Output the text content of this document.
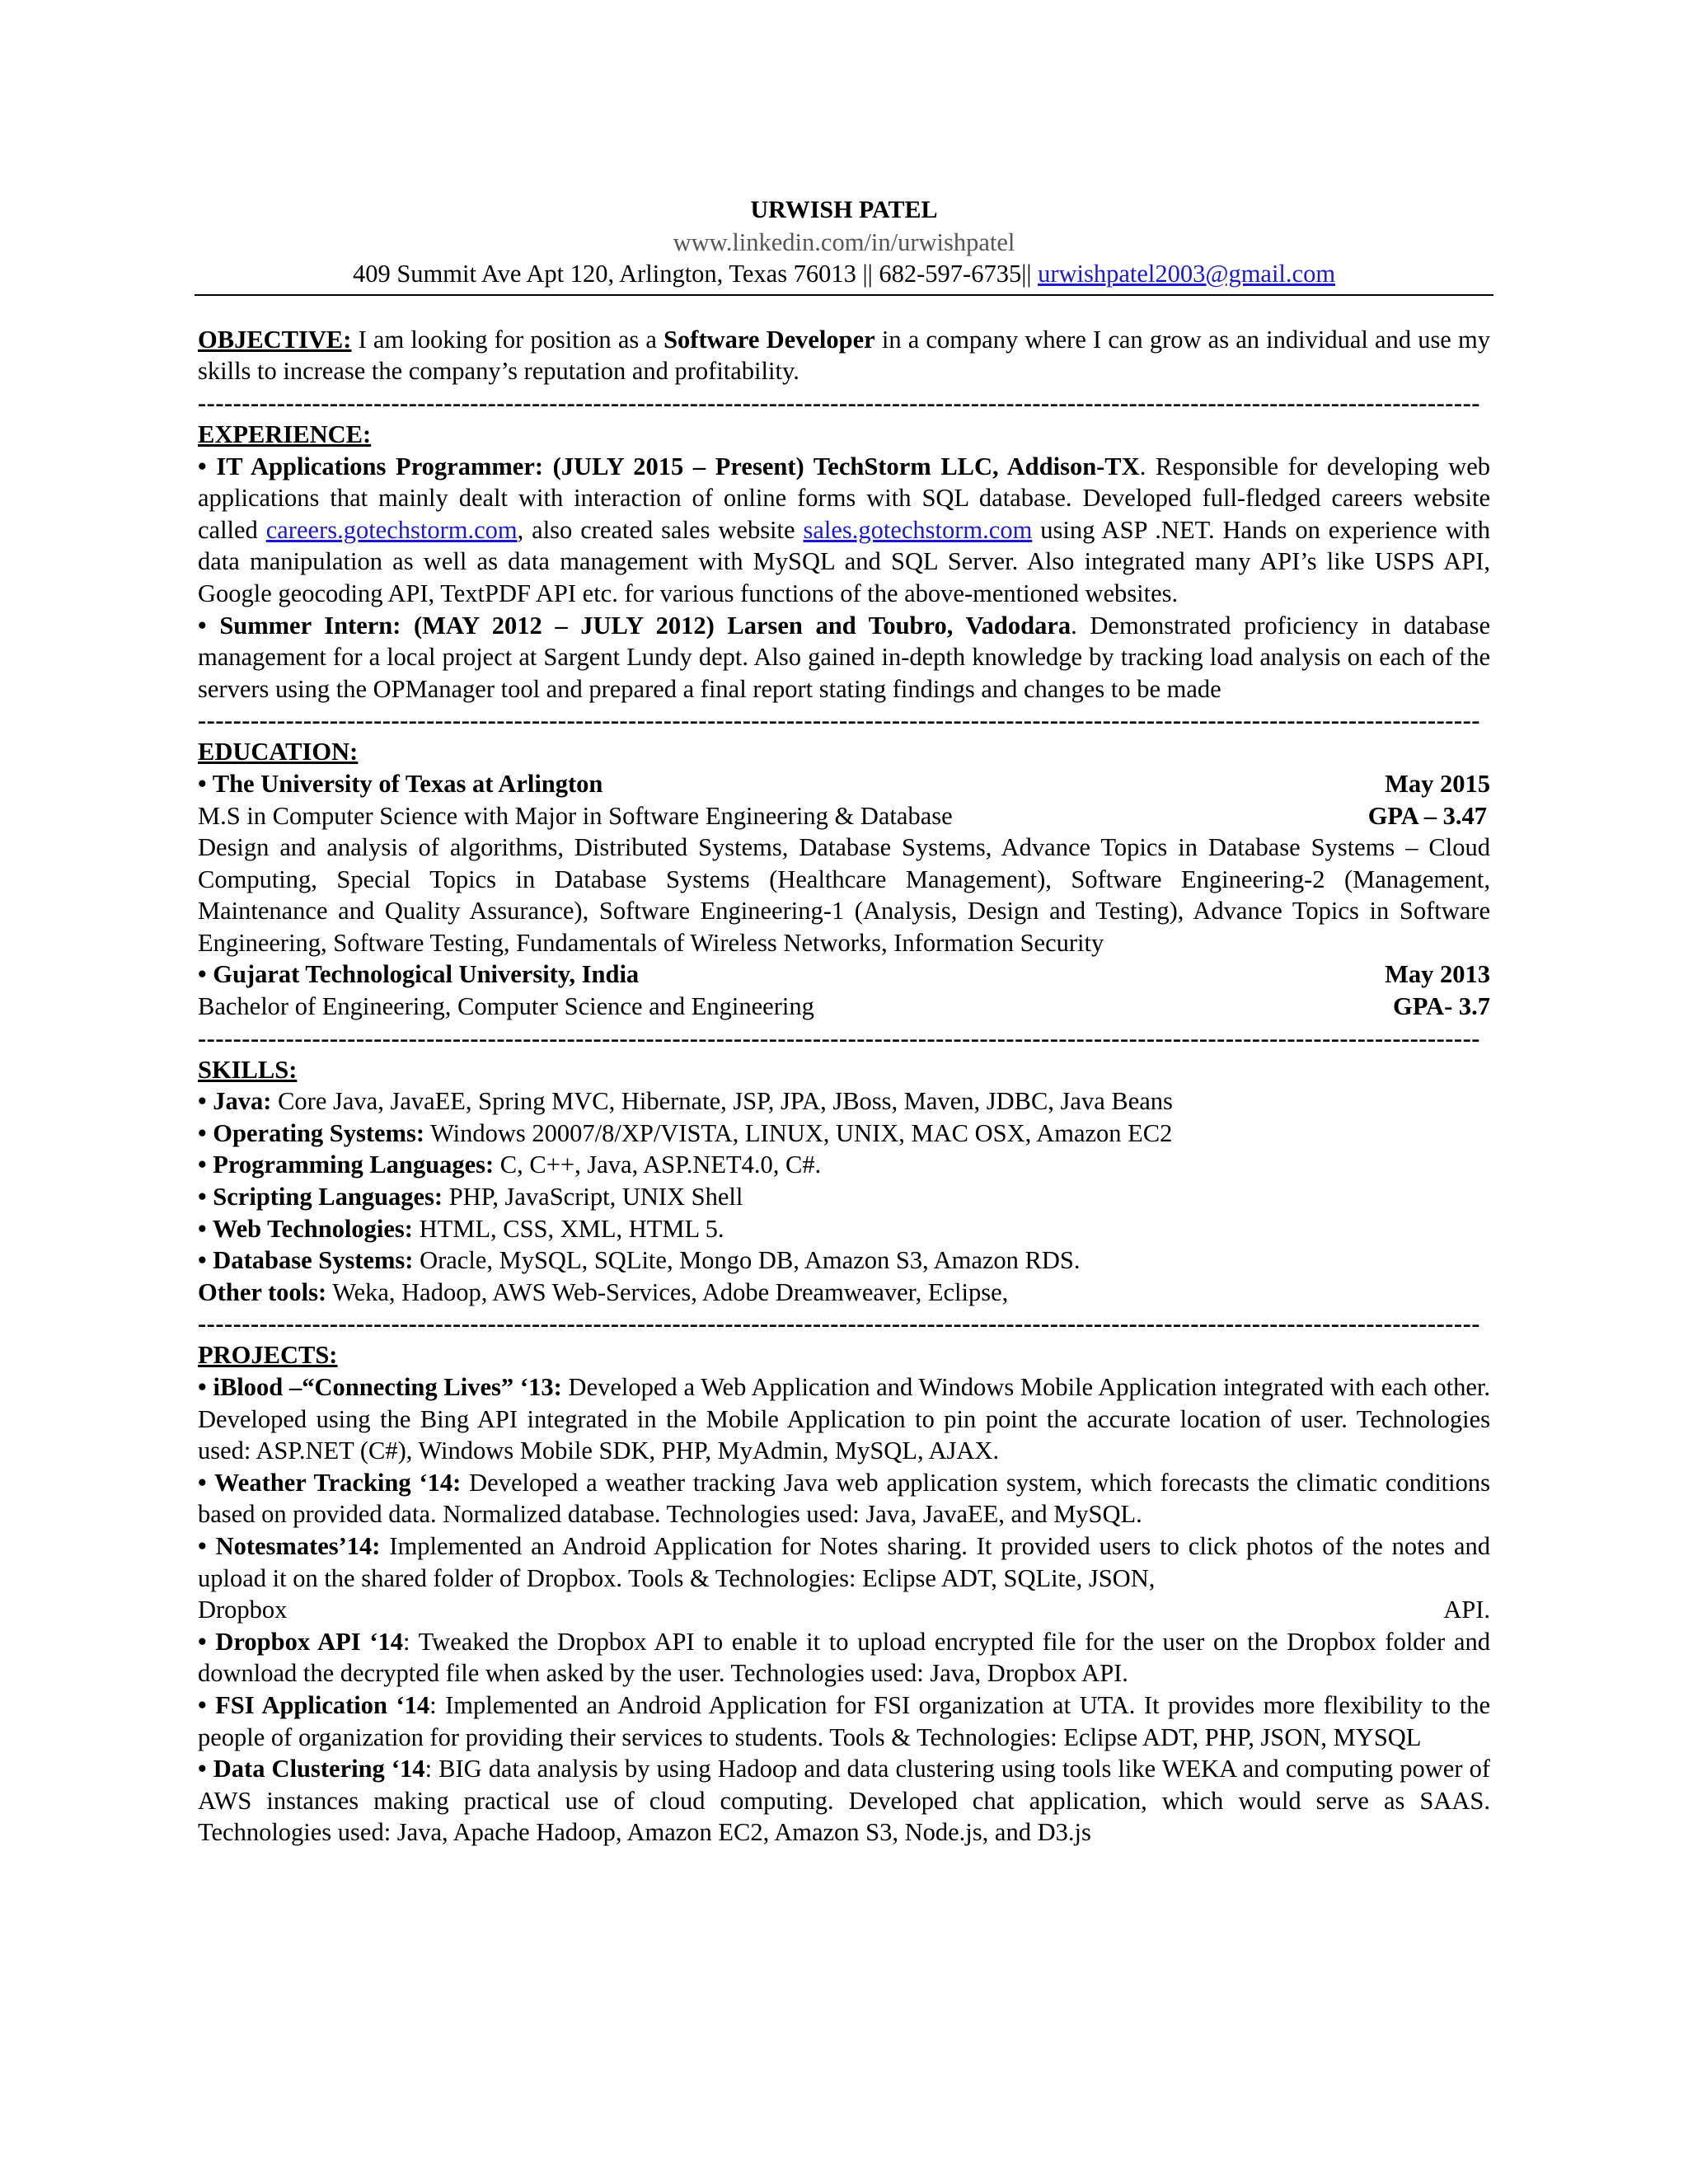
URWISH PATEL
www.linkedin.com/in/urwishpatel
409 Summit Ave Apt 120, Arlington, Texas 76013 || 682-597-6735|| urwishpatel2003@gmail.com
OBJECTIVE: I am looking for position as a Software Developer in a company where I can grow as an individual and use my skills to increase the company’s reputation and profitability.
--------------------------------------------------------------------------------------------------------------------------------------------------
EXPERIENCE:
• IT Applications Programmer: (JULY 2015 – Present) TechStorm LLC, Addison-TX. Responsible for developing web applications that mainly dealt with interaction of online forms with SQL database. Developed full-fledged careers website called careers.gotechstorm.com, also created sales website sales.gotechstorm.com using ASP .NET. Hands on experience with data manipulation as well as data management with MySQL and SQL Server. Also integrated many API’s like USPS API, Google geocoding API, TextPDF API etc. for various functions of the above-mentioned websites.
• Summer Intern: (MAY 2012 – JULY 2012) Larsen and Toubro, Vadodara. Demonstrated proficiency in database management for a local project at Sargent Lundy dept. Also gained in-depth knowledge by tracking load analysis on each of the servers using the OPManager tool and prepared a final report stating findings and changes to be made
--------------------------------------------------------------------------------------------------------------------------------------------------
EDUCATION:
• The University of Texas at Arlington	May 2015
M.S in Computer Science with Major in Software Engineering & Database	GPA – 3.47
Design and analysis of algorithms, Distributed Systems, Database Systems, Advance Topics in Database Systems – Cloud Computing, Special Topics in Database Systems (Healthcare Management), Software Engineering-2 (Management, Maintenance and Quality Assurance), Software Engineering-1 (Analysis, Design and Testing), Advance Topics in Software Engineering, Software Testing, Fundamentals of Wireless Networks, Information Security
• Gujarat Technological University, India	May 2013
Bachelor of Engineering, Computer Science and Engineering	GPA- 3.7
--------------------------------------------------------------------------------------------------------------------------------------------------
SKILLS:
• Java: Core Java, JavaEE, Spring MVC, Hibernate, JSP, JPA, JBoss, Maven, JDBC, Java Beans
• Operating Systems: Windows 20007/8/XP/VISTA, LINUX, UNIX, MAC OSX, Amazon EC2
• Programming Languages: C, C++, Java, ASP.NET4.0, C#.
• Scripting Languages: PHP, JavaScript, UNIX Shell
• Web Technologies: HTML, CSS, XML, HTML 5.
• Database Systems: Oracle, MySQL, SQLite, Mongo DB, Amazon S3, Amazon RDS.
Other tools: Weka, Hadoop, AWS Web-Services, Adobe Dreamweaver, Eclipse,
--------------------------------------------------------------------------------------------------------------------------------------------------
PROJECTS:
• iBlood –“Connecting Lives” ‘13: Developed a Web Application and Windows Mobile Application integrated with each other. Developed using the Bing API integrated in the Mobile Application to pin point the accurate location of user. Technologies used: ASP.NET (C#), Windows Mobile SDK, PHP, MyAdmin, MySQL, AJAX.
• Weather Tracking ‘14: Developed a weather tracking Java web application system, which forecasts the climatic conditions based on provided data. Normalized database. Technologies used: Java, JavaEE, and MySQL.
• Notesmates’14: Implemented an Android Application for Notes sharing. It provided users to click photos of the notes and upload it on the shared folder of Dropbox. Tools & Technologies: Eclipse ADT, SQLite, JSON,
Dropbox	API.
• Dropbox API ‘14: Tweaked the Dropbox API to enable it to upload encrypted file for the user on the Dropbox folder and download the decrypted file when asked by the user. Technologies used: Java, Dropbox API.
• FSI Application ‘14: Implemented an Android Application for FSI organization at UTA. It provides more flexibility to the people of organization for providing their services to students. Tools & Technologies: Eclipse ADT, PHP, JSON, MYSQL
• Data Clustering ‘14: BIG data analysis by using Hadoop and data clustering using tools like WEKA and computing power of AWS instances making practical use of cloud computing. Developed chat application, which would serve as SAAS. Technologies used: Java, Apache Hadoop, Amazon EC2, Amazon S3, Node.js, and D3.js
